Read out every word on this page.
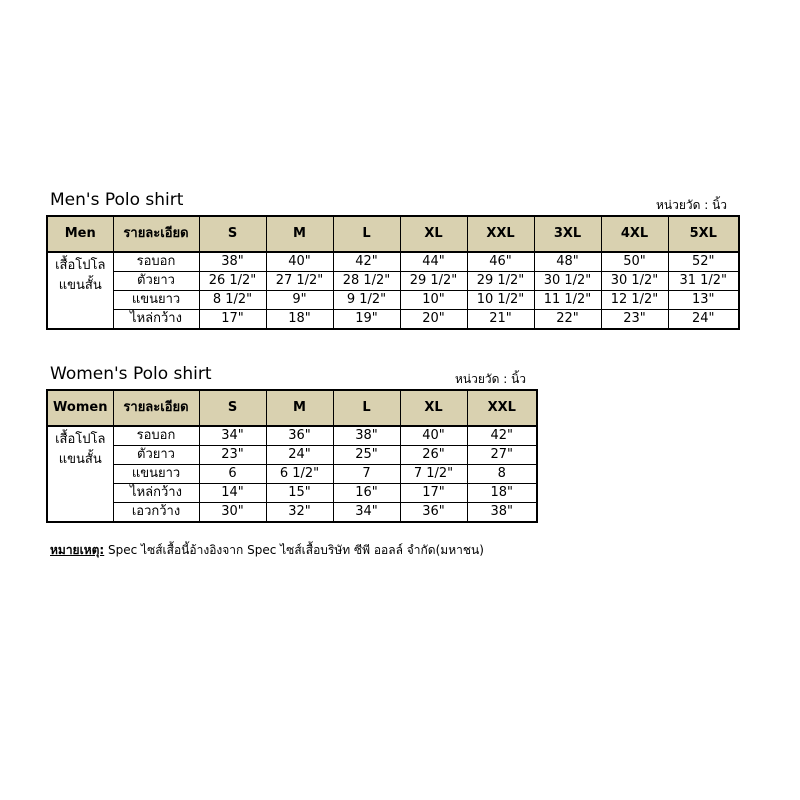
Men's Polo shirt	หน่วยวัด : นิ้ว
Men	รายละเอียด	S	M	L	XL	XXL	3XL	4XL	5XL

เสื้อโปโล
แขนสั้น	รอบอก	38"	40"	42"	44"	46"	48"	50"	52"
	ตัวยาว	26 1/2"	27 1/2"	28 1/2"	29 1/2"	29 1/2"	30 1/2"	30 1/2"	31 1/2"
	แขนยาว	8 1/2"	9"	9 1/2"	10"	10 1/2"	11 1/2"	12 1/2"	13"
	ไหล่กว้าง	17"	18"	19"	20"	21"	22"	23"	24"
Women's Polo shirt	หน่วยวัด : นิ้ว
Women	รายละเอียด	S	M	L	XL	XXL

เสื้อโปโล
แขนสั้น	รอบอก	34"	36"	38"	40"	42"
	ตัวยาว	23"	24"	25"	26"	27"
	แขนยาว	6	6 1/2"	7	7 1/2"	8
	ไหล่กว้าง	14"	15"	16"	17"	18"
	เอวกว้าง	30"	32"	34"	36"	38"
หมายเหตุ: Spec ไซส์เสื้อนี้อ้างอิงจาก Spec ไซส์เสื้อบริษัท ซีพี ออลล์ จำกัด(มหาชน)
